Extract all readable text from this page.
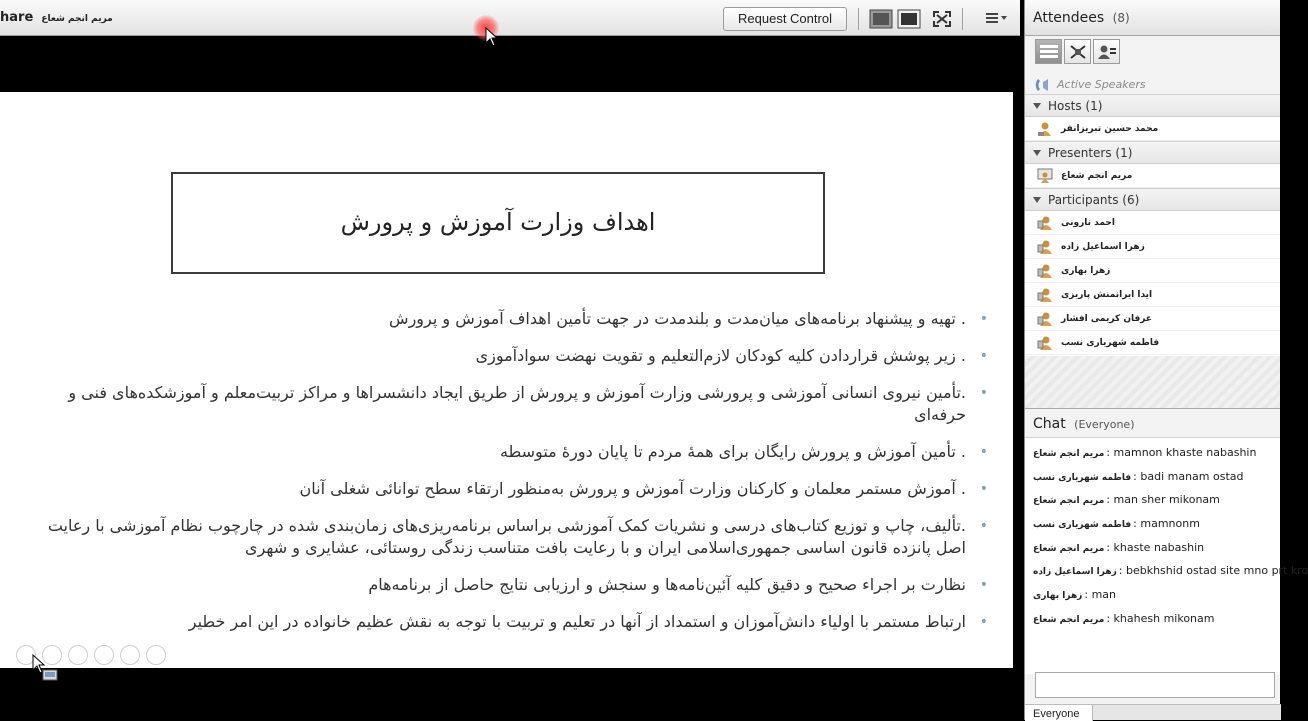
hare مریم انجم شعاع	Request Control
اهداف وزارت آموزش و پرورش
• . تهیه و پیشنهاد برنامه‌های میان‌مدت و بلندمدت در جهت تأمین اهداف آموزش و پرورش
• . زیر پوشش قراردادن کلیه کودکان لازم‌التعلیم و تقویت نهضت سوادآموزی
• .تأمین نیروی انسانی آموزشی و پرورشی وزارت آموزش و پرورش از طریق ایجاد دانشسراها و مراکز تربیت‌معلم و آموزشکده‌های فنی و حرفه‌ای
• . تأمین آموزش و پرورش رایگان برای همهٔ مردم تا پایان دورهٔ متوسطه
• . آموزش مستمر معلمان و کارکنان وزارت آموزش و پرورش به‌منظور ارتقاء سطح توانائی شغلی آنان
• .تألیف، چاپ و توزیع کتاب‌های درسی و نشریات کمک آموزشی براساس برنامه‌ریزی‌های زمان‌بندی شده در چارچوب نظام آموزشی با رعایت اصل پانزده قانون اساسی جمهوری‌اسلامی ایران و با رعایت بافت متناسب زندگی روستائی، عشایری و شهری
• نظارت بر اجراء صحیح و دقیق کلیه آئین‌نامه‌ها و سنجش و ارزیابی نتایج حاصل از برنامه‌هام
• ارتباط مستمر با اولیاء دانش‌آموزان و استمداد از آنها در تعلیم و تربیت با توجه به نقش عظیم خانواده در این امر خطیر
Attendees (8)
Active Speakers
Hosts (1)
محمد حسین تبریزانفر
Presenters (1)
مریم انجم شعاع
Participants (6)
احمد نارونی
زهرا اسماعیل زاده
زهرا بهاری
ایدا ایرانمنش پاریزی
عرفان کریمی افشار
فاطمه شهریاری نسب
Chat (Everyone)
مریم انجم شعاع : mamnon khaste nabashin
فاطمه شهریاری نسب : badi manam ostad
مریم انجم شعاع : man sher mikonam
فاطمه شهریاری نسب : mamnonm
مریم انجم شعاع : khaste nabashin
زهرا اسماعیل زاده : bebkhshid ostad site mno prt kro
زهرا بهاری : man
مریم انجم شعاع : khahesh mikonam
Everyone
